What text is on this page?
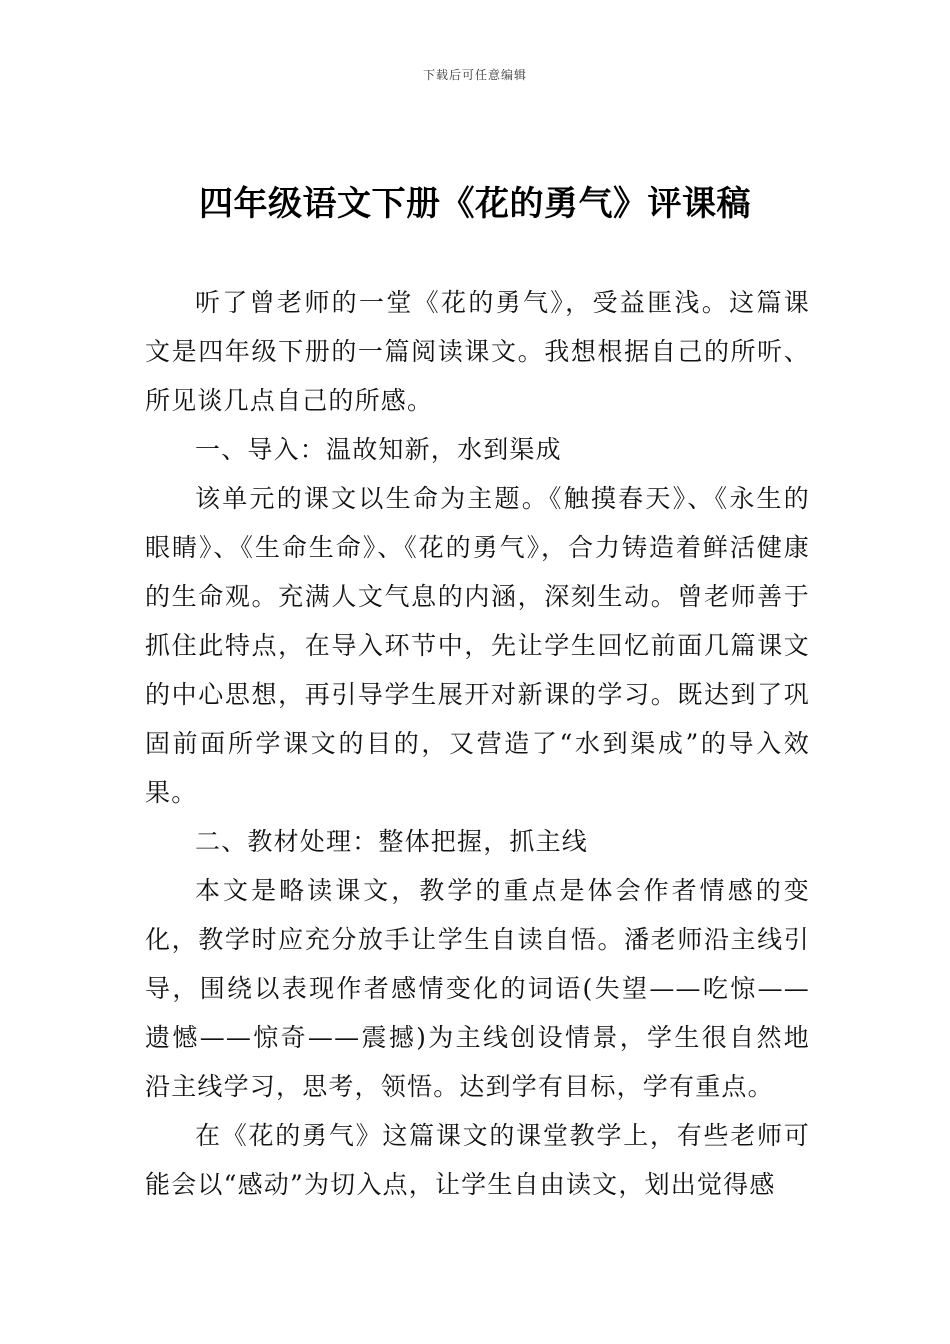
下载后可任意编辑
四年级语文下册《花的勇气》评课稿

听了曾老师的一堂《花的勇气》，受益匪浅。这篇课文是四年级下册的一篇阅读课文。我想根据自己的所听、所见谈几点自己的所感。

一、导入：温故知新，水到渠成

该单元的课文以生命为主题。《触摸春天》、《永生的眼睛》、《生命生命》、《花的勇气》，合力铸造着鲜活健康的生命观。充满人文气息的内涵，深刻生动。曾老师善于抓住此特点，在导入环节中，先让学生回忆前面几篇课文的中心思想，再引导学生展开对新课的学习。既达到了巩固前面所学课文的目的，又营造了“水到渠成”的导入效果。

二、教材处理：整体把握，抓主线

本文是略读课文，教学的重点是体会作者情感的变化，教学时应充分放手让学生自读自悟。潘老师沿主线引导，围绕以表现作者感情变化的词语(失望——吃惊——遗憾——惊奇——震撼)为主线创设情景，学生很自然地沿主线学习，思考，领悟。达到学有目标，学有重点。

在《花的勇气》这篇课文的课堂教学上，有些老师可能会以“感动”为切入点，让学生自由读文，划出觉得感
